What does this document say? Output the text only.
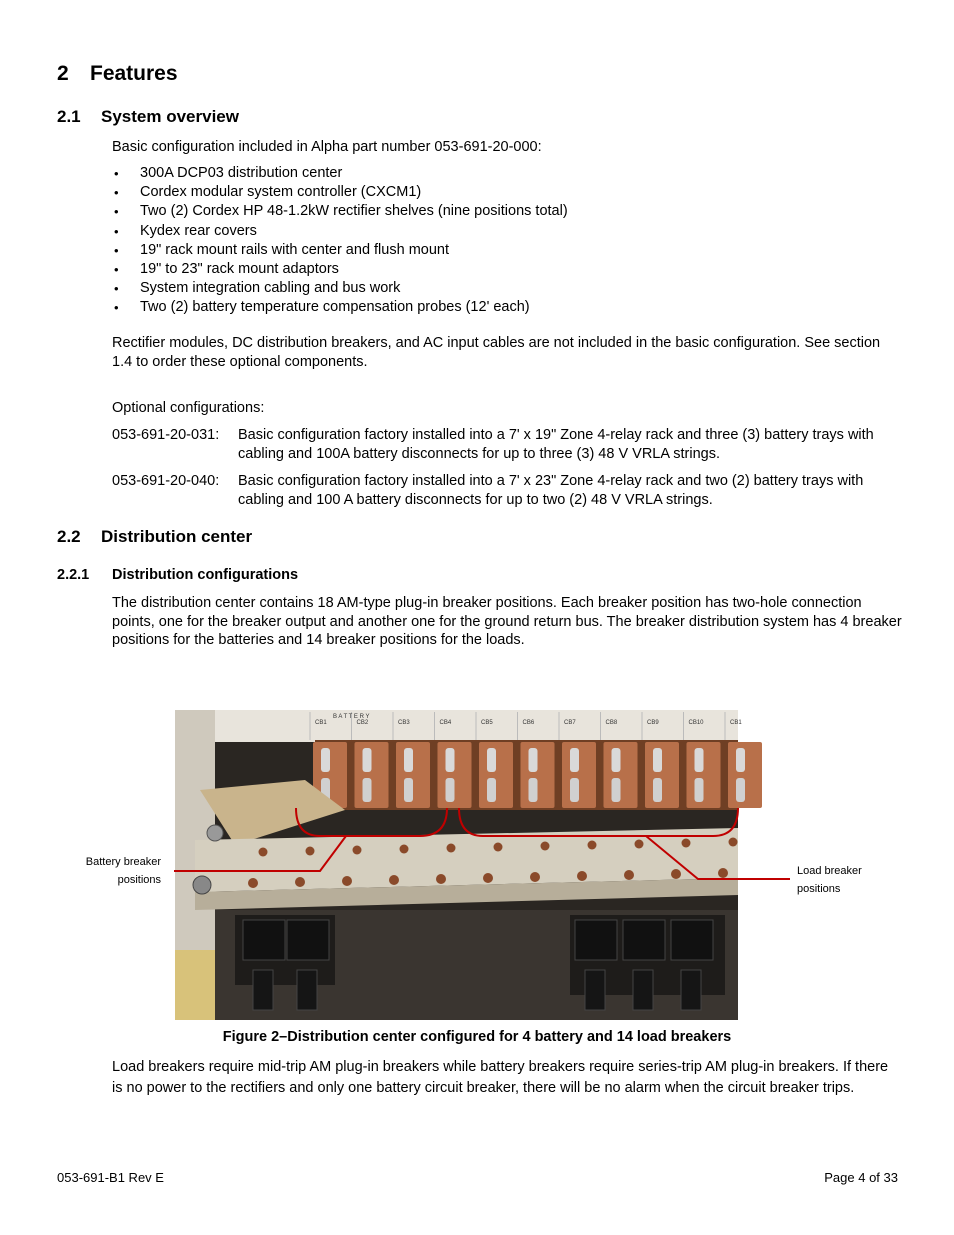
2 Features
2.1 System overview
Basic configuration included in Alpha part number 053-691-20-000:
• 300A DCP03 distribution center
• Cordex modular system controller (CXCM1)
• Two (2) Cordex HP 48-1.2kW rectifier shelves (nine positions total)
• Kydex rear covers
• 19" rack mount rails with center and flush mount
• 19" to 23" rack mount adaptors
• System integration cabling and bus work
• Two (2) battery temperature compensation probes (12' each)
Rectifier modules, DC distribution breakers, and AC input cables are not included in the basic configuration. See section 1.4 to order these optional components.
Optional configurations:
053-691-20-031: Basic configuration factory installed into a 7' x 19" Zone 4-relay rack and three (3) battery trays with cabling and 100A battery disconnects for up to three (3) 48 V VRLA strings.
053-691-20-040: Basic configuration factory installed into a 7' x 23" Zone 4-relay rack and two (2) battery trays with cabling and 100 A battery disconnects for up to two (2) 48 V VRLA strings.
2.2 Distribution center
2.2.1 Distribution configurations
The distribution center contains 18 AM-type plug-in breaker positions. Each breaker position has two-hole connection points, one for the breaker output and another one for the ground return bus. The breaker distribution system has 4 breaker positions for the batteries and 14 breaker positions for the loads.
CB1	CB2	CB3	CB4	CB5	CB6	CB7	CB8	CB9	CB10	CB1
B A T T E R Y
Battery breaker
positions
Load breaker
positions
Figure 2–Distribution center configured for 4 battery and 14 load breakers
Load breakers require mid-trip AM plug-in breakers while battery breakers require series-trip AM plug-in breakers. If there is no power to the rectifiers and only one battery circuit breaker, there will be no alarm when the circuit breaker trips.
053-691-B1 Rev E	Page 4 of 33
